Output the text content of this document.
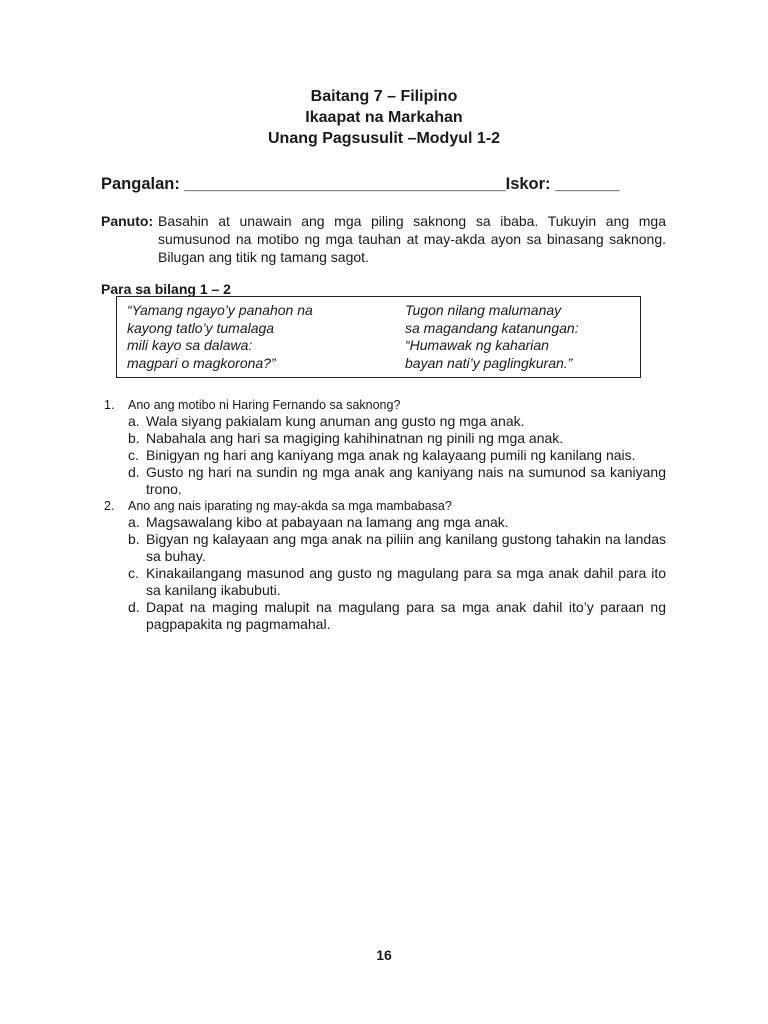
Baitang 7 – Filipino
Ikaapat na Markahan
Unang Pagsusulit –Modyul 1-2
Pangalan: ___________________________________Iskor: _______
Panuto: Basahin at unawain ang mga piling saknong sa ibaba. Tukuyin ang mga sumusunod na motibo ng mga tauhan at may-akda ayon sa binasang saknong. Bilugan ang titik ng tamang sagot.
Para sa bilang 1 – 2
“Yamang ngayo’y panahon na
kayong tatlo’y tumalaga
mili kayo sa dalawa:
magpari o magkorona?”
Tugon nilang malumanay
sa magandang katanungan:
“Humawak ng kaharian
bayan nati’y paglingkuran.”
1. Ano ang motibo ni Haring Fernando sa saknong?
a. Wala siyang pakialam kung anuman ang gusto ng mga anak.
b. Nabahala ang hari sa magiging kahihinatnan ng pinili ng mga anak.
c. Binigyan ng hari ang kaniyang mga anak ng kalayaang pumili ng kanilang nais.
d. Gusto ng hari na sundin ng mga anak ang kaniyang nais na sumunod sa kaniyang trono.
2. Ano ang nais iparating ng may-akda sa mga mambabasa?
a. Magsawalang kibo at pabayaan na lamang ang mga anak.
b. Bigyan ng kalayaan ang mga anak na piliin ang kanilang gustong tahakin na landas sa buhay.
c. Kinakailangang masunod ang gusto ng magulang para sa mga anak dahil para ito sa kanilang ikabubuti.
d. Dapat na maging malupit na magulang para sa mga anak dahil ito’y paraan ng pagpapakita ng pagmamahal.
16
